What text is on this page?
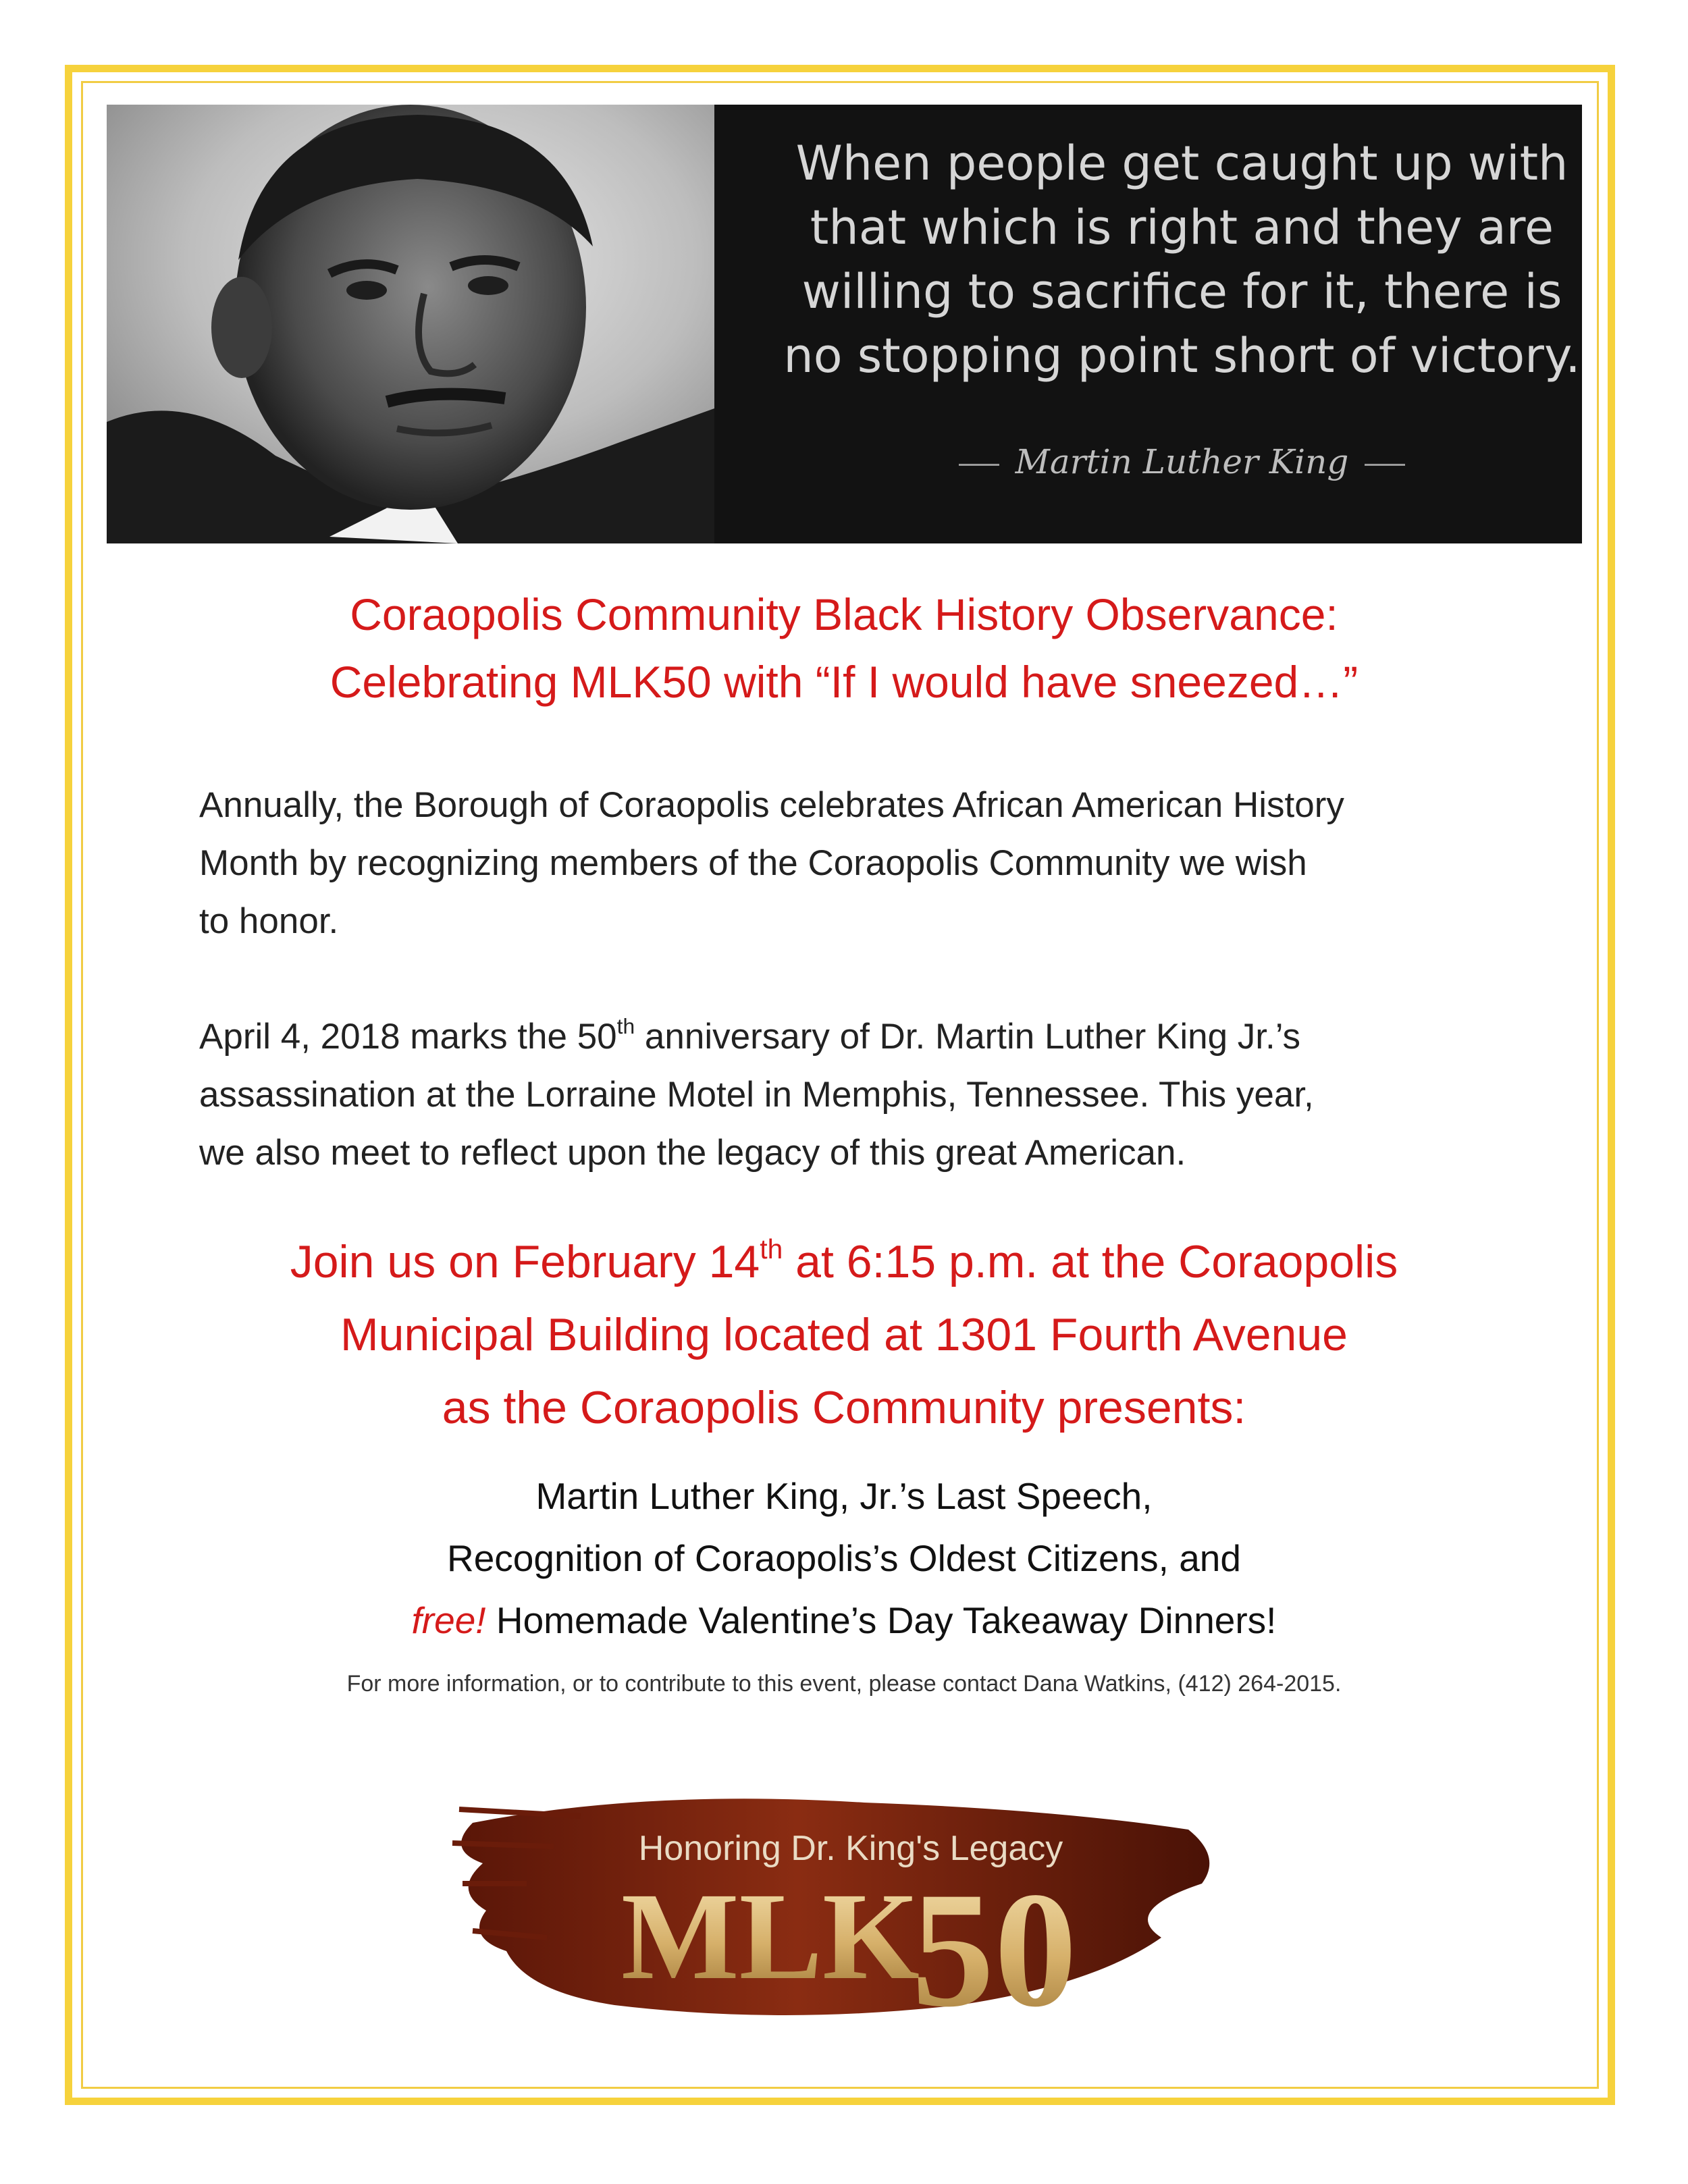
When people get caught up with that which is right and they are willing to sacrifice for it, there is no stopping point short of victory.
Martin Luther King
Coraopolis Community Black History Observance:
Celebrating MLK50 with “If I would have sneezed…”
Annually, the Borough of Coraopolis celebrates African American History
Month by recognizing members of the Coraopolis Community we wish
to honor.
April 4, 2018 marks the 50th anniversary of Dr. Martin Luther King Jr.’s
assassination at the Lorraine Motel in Memphis, Tennessee. This year,
we also meet to reflect upon the legacy of this great American.
Join us on February 14th at 6:15 p.m. at the Coraopolis
Municipal Building located at 1301 Fourth Avenue
as the Coraopolis Community presents:
Martin Luther King, Jr.’s Last Speech,
Recognition of Coraopolis’s Oldest Citizens, and
free! Homemade Valentine’s Day Takeaway Dinners!
For more information, or to contribute to this event, please contact Dana Watkins, (412) 264-2015.
Honoring Dr. King's Legacy
MLK
50
